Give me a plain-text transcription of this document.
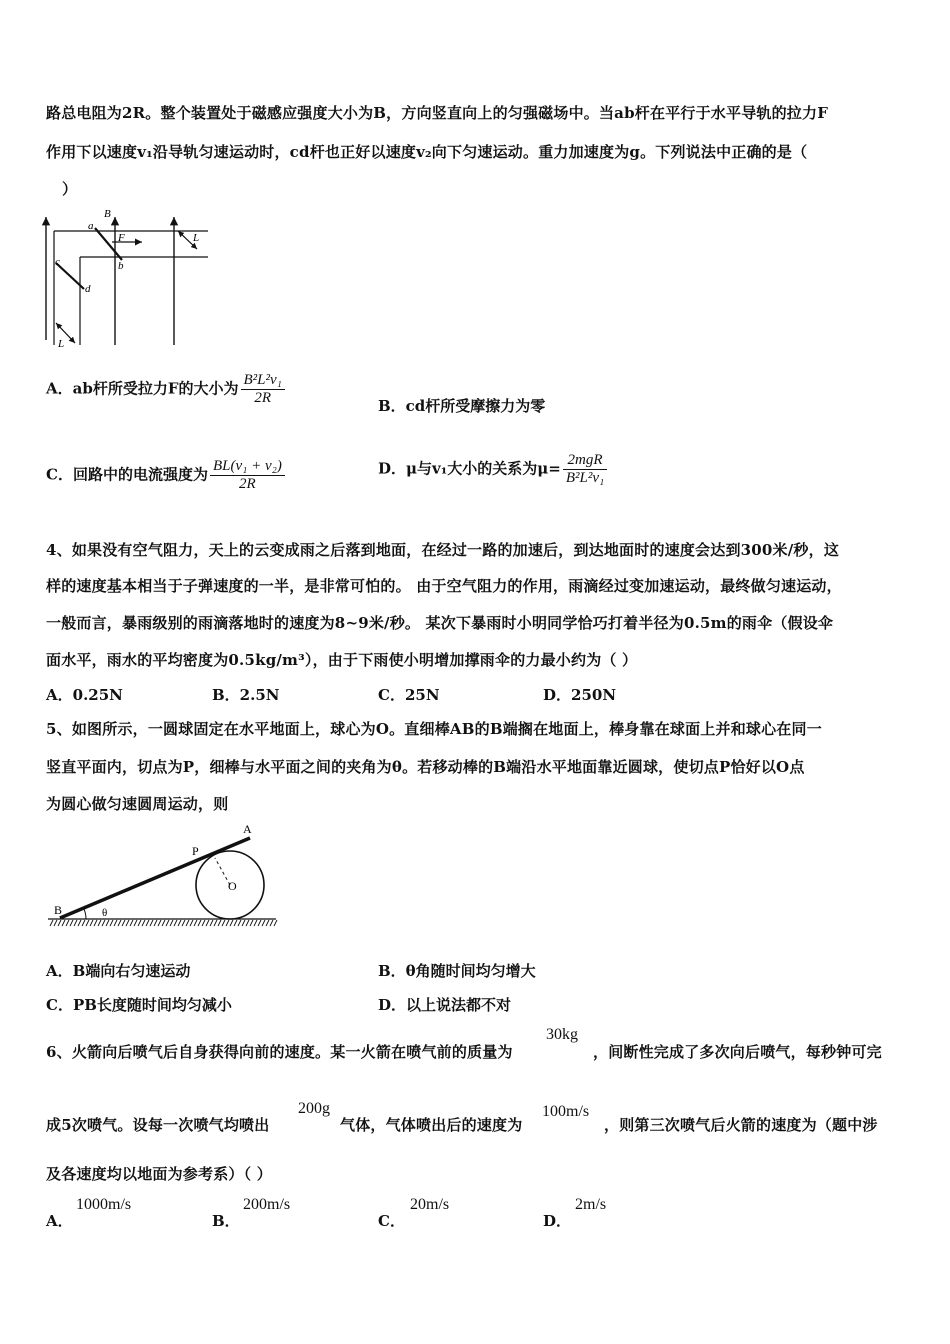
路总电阻为2R。整个装置处于磁感应强度大小为B，方向竖直向上的匀强磁场中。当ab杆在平行于水平导轨的拉力F
作用下以速度v₁沿导轨匀速运动时，cd杆也正好以速度v₂向下匀速运动。重力加速度为g。下列说法中正确的是（
）
B
a
F
b
c
d
L
L
A．ab杆所受拉力F的大小为 $\frac{\text{B²L²v₁}}{2R}$	B．cd杆所受摩擦力为零
C．回路中的电流强度为 $\frac{\text{BL(v₁ + v₂)}}{2R}$	D．μ与v₁大小的关系为$\mu= \frac{\text{2mgR}}{\text{B²L²v₁}}$
4、如果没有空气阻力，天上的云变成雨之后落到地面，在经过一路的加速后，到达地面时的速度会达到300米/秒，这
样的速度基本相当于子弹速度的一半，是非常可怕的。 由于空气阻力的作用，雨滴经过变加速运动，最终做匀速运动，
一般而言，暴雨级别的雨滴落地时的速度为8~9米/秒。 某次下暴雨时小明同学恰巧打着半径为0.5m的雨伞（假设伞
面水平，雨水的平均密度为0.5kg/m³），由于下雨使小明增加撑雨伞的力最小约为（ ）
A．0.25N	B．2.5N	C．25N	D．250N
5、如图所示，一圆球固定在水平地面上，球心为O。直细棒AB的B端搁在地面上，棒身靠在球面上并和球心在同一
竖直平面内，切点为P，细棒与水平面之间的夹角为θ。若移动棒的B端沿水平地面靠近圆球，使切点P恰好以O点
为圆心做匀速圆周运动，则
A
P
O
B	θ
A．B端向右匀速运动	B．θ角随时间均匀增大
C．PB长度随时间均匀减小	D．以上说法都不对
6、火箭向后喷气后自身获得向前的速度。某一火箭在喷气前的质量为
30kg
，间断性完成了多次向后喷气，每秒钟可完
成5次喷气。设每一次喷气均喷出
200g
气体，气体喷出后的速度为
100m/s
，则第三次喷气后火箭的速度为（题中涉
及各速度均以地面为参考系）（ ）
A．
1000m/s
B．
200m/s
C．
20m/s
D．
2m/s
